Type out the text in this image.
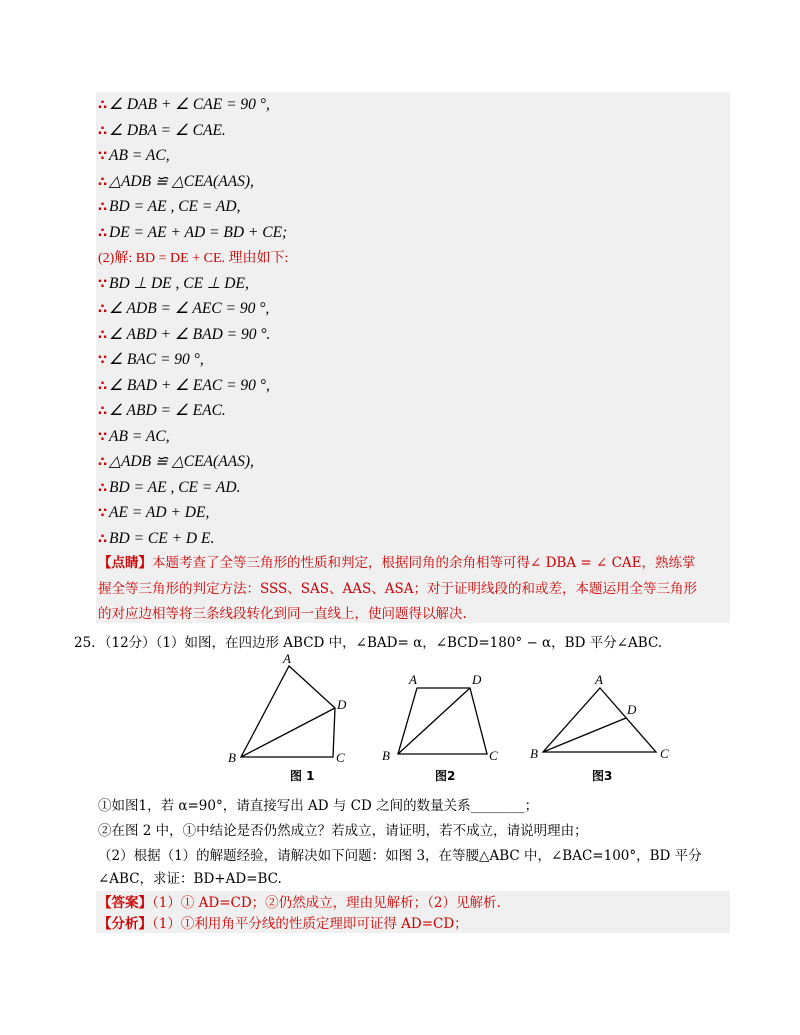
∴ ∠ DAB + ∠ CAE = 90 °,
∴ ∠ DBA = ∠ CAE.
∵ AB = AC,
∴ △ADB ≌ △CEA(AAS),
∴ BD = AE , CE = AD,
∴ DE = AE + AD = BD + CE;
(2)解: BD = DE + CE. 理由如下:
∵ BD ⊥ DE , CE ⊥ DE,
∴ ∠ ADB = ∠ AEC = 90 °,
∴ ∠ ABD + ∠ BAD = 90 °.
∵ ∠ BAC = 90 °,
∴ ∠ BAD + ∠ EAC = 90 °,
∴ ∠ ABD = ∠ EAC.
∵ AB = AC,
∴ △ADB ≌ △CEA(AAS),
∴ BD = AE , CE = AD.
∵ AE = AD + DE,
∴ BD = CE + D E.
【点睛】本题考查了全等三角形的性质和判定，根据同角的余角相等可得∠ DBA = ∠ CAE，熟练掌
握全等三角形的判定方法：SSS、SAS、AAS、ASA；对于证明线段的和或差，本题运用全等三角形
的对应边相等将三条线段转化到同一直线上，使问题得以解决.
25. （12分）（1）如图，在四边形 ABCD 中，∠BAD= α，∠BCD=180° − α，BD 平分∠ABC.
A
D
B	C
图 1
A	D
B	C
图2
A
D
B	C
图3
①如图1，若 α=90°，请直接写出 AD 与 CD 之间的数量关系________；
②在图 2 中，①中结论是否仍然成立？若成立，请证明，若不成立，请说明理由；
（2）根据（1）的解题经验，请解决如下问题：如图 3，在等腰△ABC 中，∠BAC=100°，BD 平分
∠ABC，求证：BD+AD=BC.
【答案】（1）① AD=CD；②仍然成立，理由见解析；（2）见解析.
【分析】（1）①利用角平分线的性质定理即可证得 AD=CD；
